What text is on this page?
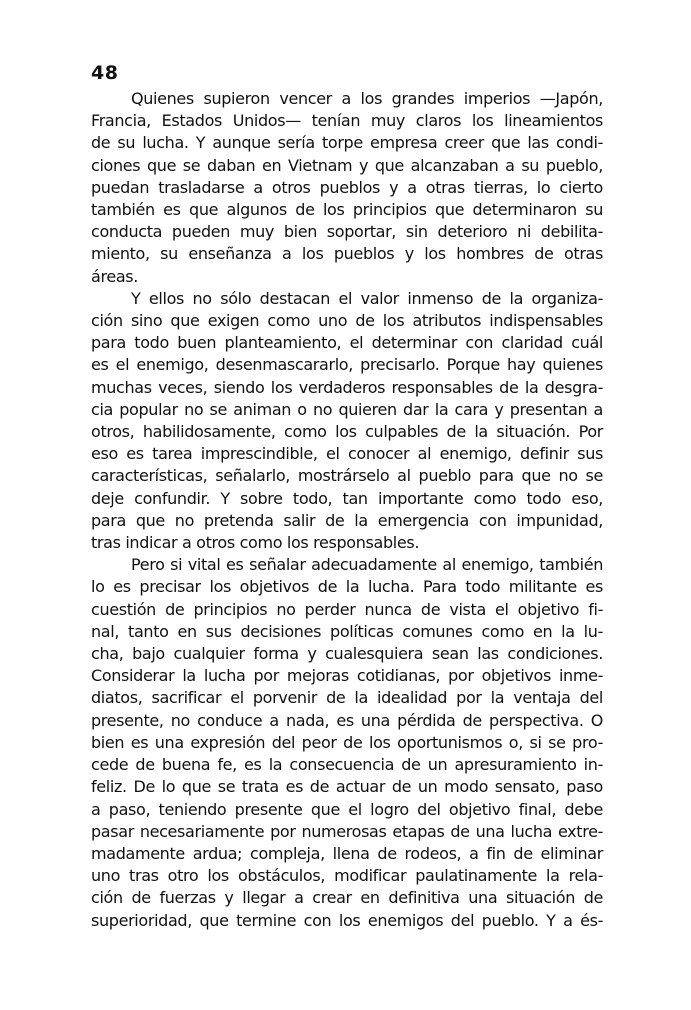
48
Quienes supieron vencer a los grandes imperios —Japón,
Francia, Estados Unidos— tenían muy claros los lineamientos
de su lucha. Y aunque sería torpe empresa creer que las condi-
ciones que se daban en Vietnam y que alcanzaban a su pueblo,
puedan trasladarse a otros pueblos y a otras tierras, lo cierto
también es que algunos de los principios que determinaron su
conducta pueden muy bien soportar, sin deterioro ni debilita-
miento, su enseñanza a los pueblos y los hombres de otras
áreas.
Y ellos no sólo destacan el valor inmenso de la organiza-
ción sino que exigen como uno de los atributos indispensables
para todo buen planteamiento, el determinar con claridad cuál
es el enemigo, desenmascararlo, precisarlo. Porque hay quienes
muchas veces, siendo los verdaderos responsables de la desgra-
cia popular no se animan o no quieren dar la cara y presentan a
otros, habilidosamente, como los culpables de la situación. Por
eso es tarea imprescindible, el conocer al enemigo, definir sus
características, señalarlo, mostrárselo al pueblo para que no se
deje confundir. Y sobre todo, tan importante como todo eso,
para que no pretenda salir de la emergencia con impunidad,
tras indicar a otros como los responsables.
Pero si vital es señalar adecuadamente al enemigo, también
lo es precisar los objetivos de la lucha. Para todo militante es
cuestión de principios no perder nunca de vista el objetivo fi-
nal, tanto en sus decisiones políticas comunes como en la lu-
cha, bajo cualquier forma y cualesquiera sean las condiciones.
Considerar la lucha por mejoras cotidianas, por objetivos inme-
diatos, sacrificar el porvenir de la idealidad por la ventaja del
presente, no conduce a nada, es una pérdida de perspectiva. O
bien es una expresión del peor de los oportunismos o, si se pro-
cede de buena fe, es la consecuencia de un apresuramiento in-
feliz. De lo que se trata es de actuar de un modo sensato, paso
a paso, teniendo presente que el logro del objetivo final, debe
pasar necesariamente por numerosas etapas de una lucha extre-
madamente ardua; compleja, llena de rodeos, a fin de eliminar
uno tras otro los obstáculos, modificar paulatinamente la rela-
ción de fuerzas y llegar a crear en definitiva una situación de
superioridad, que termine con los enemigos del pueblo. Y a és-
